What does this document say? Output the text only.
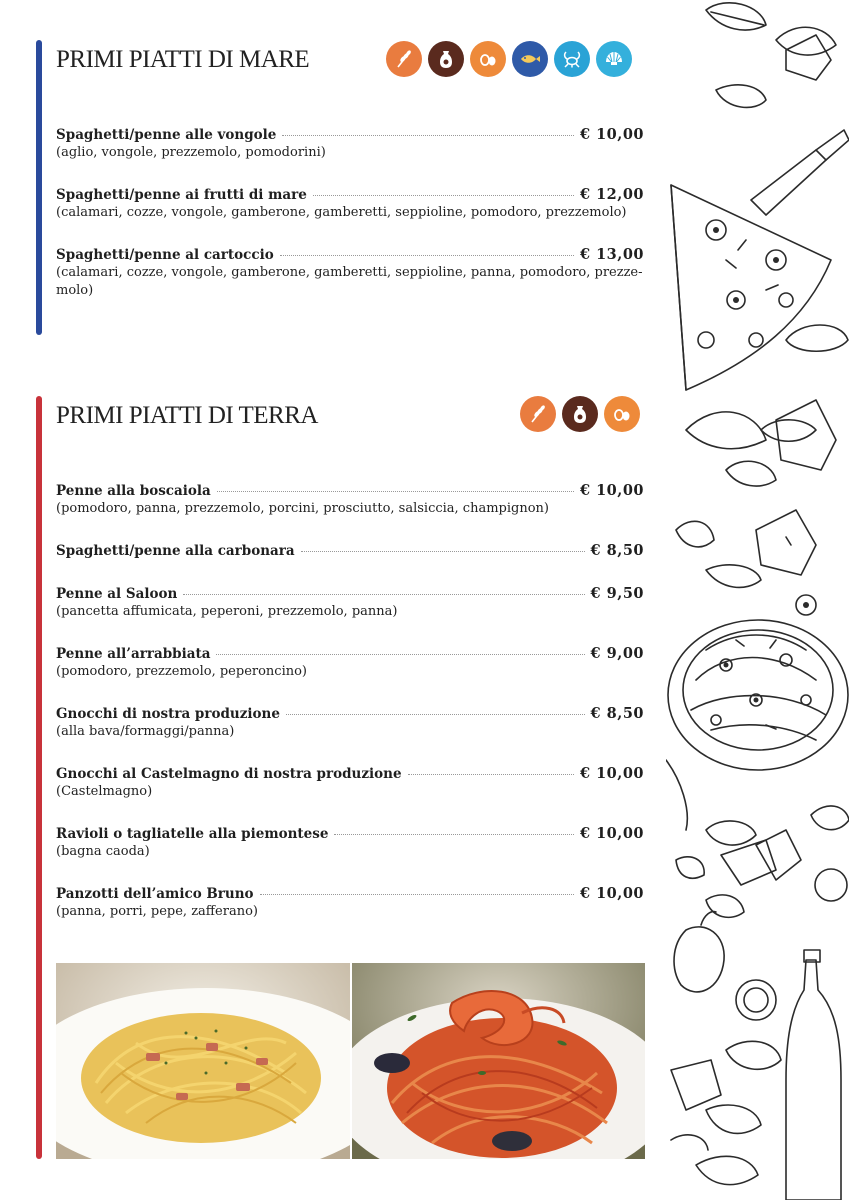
PRIMI PIATTI DI MARE
Spaghetti/penne alle vongole	€ 10,00
(aglio, vongole, prezzemolo, pomodorini)
Spaghetti/penne ai frutti di mare	€ 12,00
(calamari, cozze, vongole, gamberone, gamberetti, seppioline, pomodoro, prezzemolo)
Spaghetti/penne al cartoccio	€ 13,00
(calamari, cozze, vongole, gamberone, gamberetti, seppioline, panna, pomodoro, prezze-molo)
PRIMI PIATTI DI TERRA
Penne alla boscaiola	€ 10,00
(pomodoro, panna, prezzemolo, porcini, prosciutto, salsiccia, champignon)
Spaghetti/penne alla carbonara	€ 8,50
Penne al Saloon	€ 9,50
(pancetta affumicata, peperoni, prezzemolo, panna)
Penne all’arrabbiata	€ 9,00
(pomodoro, prezzemolo, peperoncino)
Gnocchi di nostra produzione	€ 8,50
(alla bava/formaggi/panna)
Gnocchi al Castelmagno di nostra produzione	€ 10,00
(Castelmagno)
Ravioli o tagliatelle alla piemontese	€ 10,00
(bagna caoda)
Panzotti dell’amico Bruno	€ 10,00
(panna, porri, pepe, zafferano)
